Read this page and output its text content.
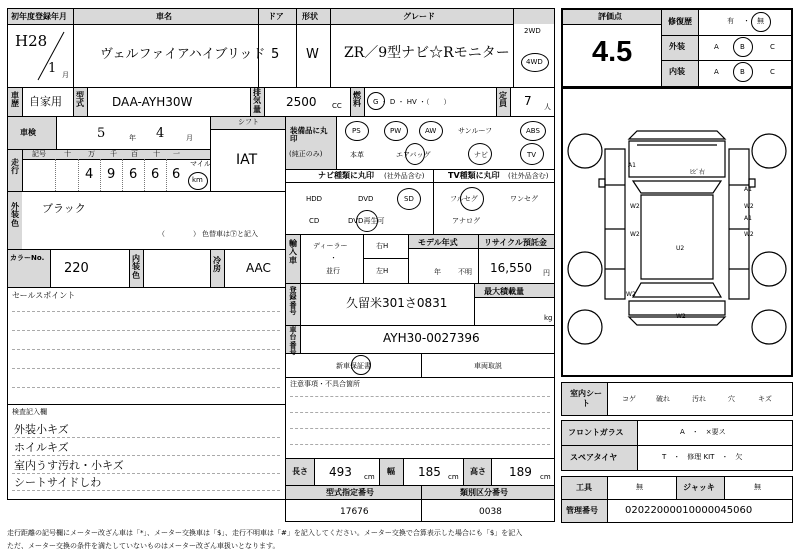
初年度登録年月
H28
1 月
車名
ヴェルファイアハイブリッド
ドア
5
形状
W
グレード
ZR／9型ナビ☆Rモニター
2WD
4WD
車歴 自家用 型式 DAA-AYH30W
排気量
2500 CC
燃料 G ・ D ・ HV ・（　　）
定員 7 人
車検	5	年 4	月
シフト
IAT
走行
記号	十 万 千 百 十 一
4 9 6 6 6
マイル
km
外装色
ブラック
（　　　　） 色替車は㊦と記入
カラーNo.
220
内装色
冷房 AAC
セールスポイント
検査記入欄
外装小キズ
ホイルキズ
室内うす汚れ・小キズ
シートサイドしわ
装備品に丸印
(純正のみ)
PS	PW	AW	サンルーフ	ABS
本革	エアバッグ	ナビ	TV
ナビ種類に丸印 (社外品含む)	TV種類に丸印 (社外品含む)
HDD	DVD	SD
CD	DVD再生可
フルセグ	ワンセグ
アナログ
輸入車
ディーラー
・
並行
右H
左H
モデル年式
年 不明
リサイクル預託金
16,550 円
登録番号
久留米301さ0831
最大積載量
kg
車台番号
AYH30-0027396
新車保証書	車両取説
注意事項・不具合箇所
長さ 493 cm
幅 185 cm
高さ 189 cm
型式指定番号
17676
類別区分番号
0038
評価点
4.5
修復歴	有 ・ 無
外装	A	B	C
内装	A	B	C
A1
A1
A1
W2	W2
W2	W2
U2
W2
W2
ﾋﾋﾞ右
室内シート
コゲ	破れ	汚れ	穴	キズ
フロントガラス	A　・　×要ス
スペアタイヤ	T　・　修理 KIT　・　欠
工具	無	ジャッキ	無
管理番号	02022000010000045060
走行距離の記号欄にメーター改ざん車は「*」、メーター交換車は「$」、走行不明車は「#」を記入してください。メーター交換で合算表示した場合にも「$」を記入
ただ、メーター交換の条件を満たしていないものはメーター改ざん車扱いとなります。
